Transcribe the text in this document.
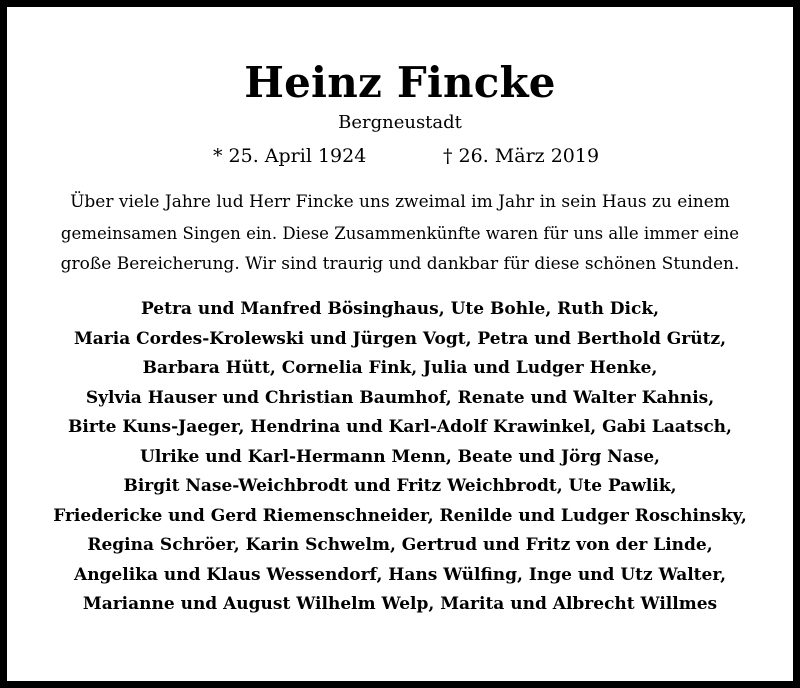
Heinz Fincke
Bergneustadt
* 25. April 1924	† 26. März 2019
Über viele Jahre lud Herr Fincke uns zweimal im Jahr in sein Haus zu einem
gemeinsamen Singen ein. Diese Zusammenkünfte waren für uns alle immer eine
große Bereicherung. Wir sind traurig und dankbar für diese schönen Stunden.
Petra und Manfred Bösinghaus, Ute Bohle, Ruth Dick,
Maria Cordes-Krolewski und Jürgen Vogt, Petra und Berthold Grütz,
Barbara Hütt, Cornelia Fink, Julia und Ludger Henke,
Sylvia Hauser und Christian Baumhof, Renate und Walter Kahnis,
Birte Kuns-Jaeger, Hendrina und Karl-Adolf Krawinkel, Gabi Laatsch,
Ulrike und Karl-Hermann Menn, Beate und Jörg Nase,
Birgit Nase-Weichbrodt und Fritz Weichbrodt, Ute Pawlik,
Friedericke und Gerd Riemenschneider, Renilde und Ludger Roschinsky,
Regina Schröer, Karin Schwelm, Gertrud und Fritz von der Linde,
Angelika und Klaus Wessendorf, Hans Wülfing, Inge und Utz Walter,
Marianne und August Wilhelm Welp, Marita und Albrecht Willmes
